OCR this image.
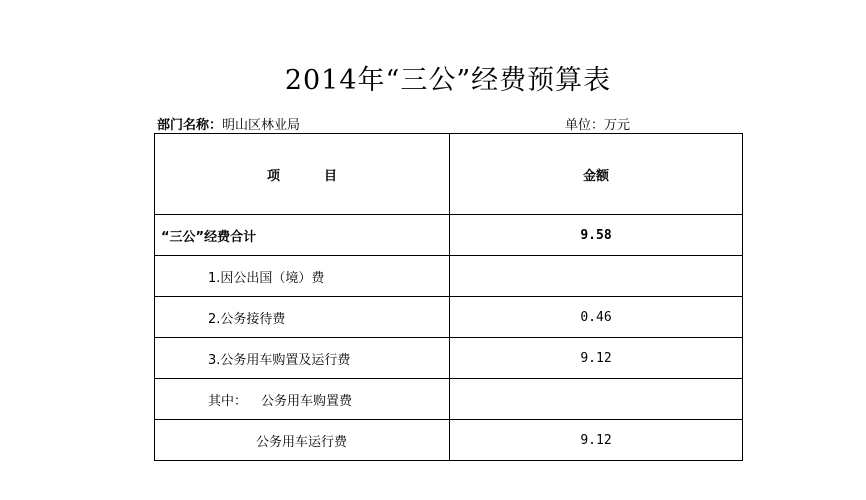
2014年“三公”经费预算表
部门名称：明山区林业局	单位：万元
项 目	金额
“三公”经费合计	9.58
1.因公出国（境）费	
2.公务接待费	0.46
3.公务用车购置及运行费	9.12
其中： 公务用车购置费	
公务用车运行费	9.12
